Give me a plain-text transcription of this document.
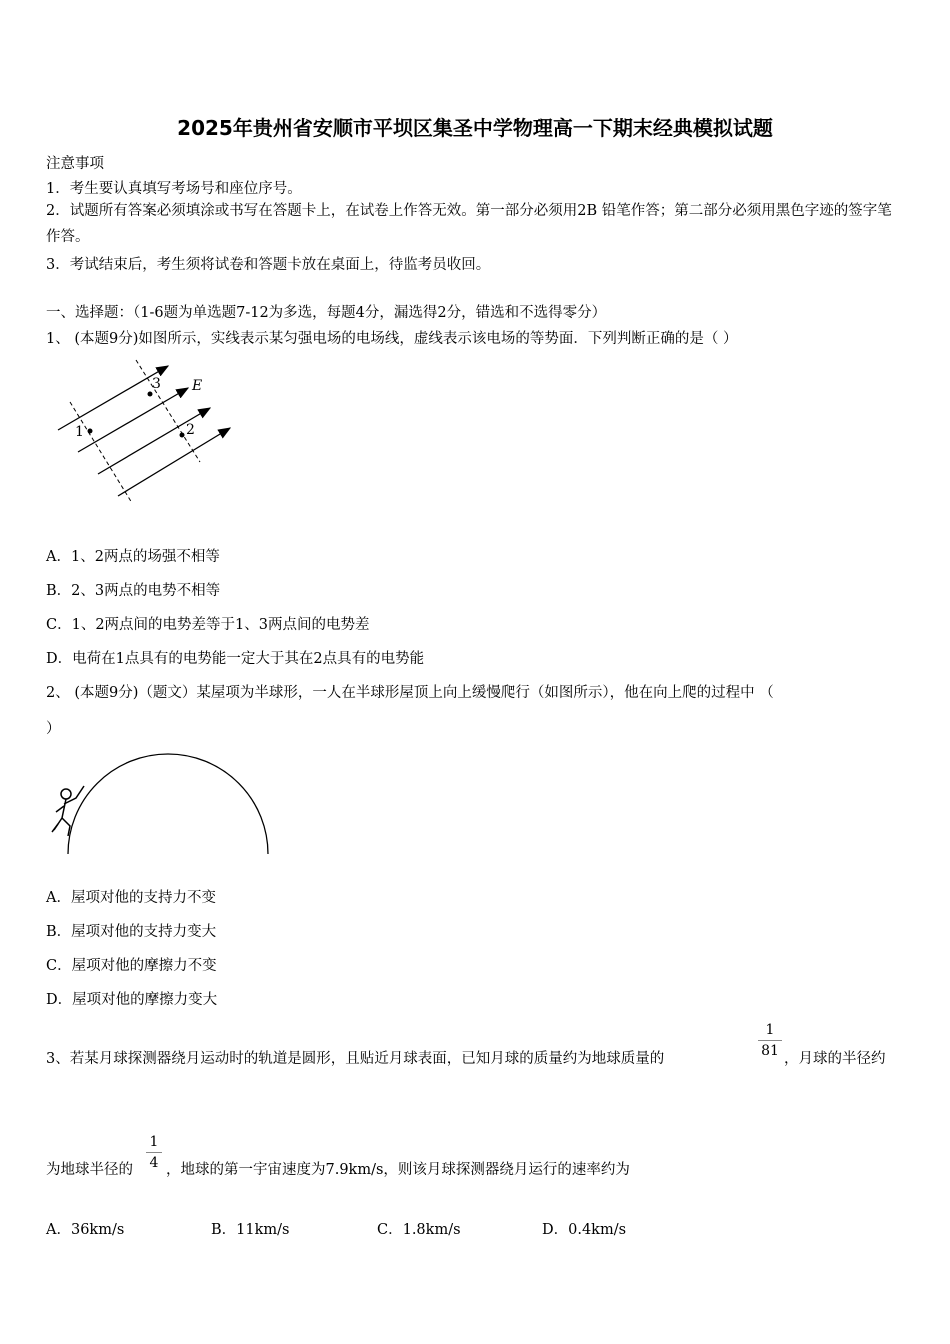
2025年贵州省安顺市平坝区集圣中学物理高一下期末经典模拟试题
注意事项
1．考生要认真填写考场号和座位序号。
2．试题所有答案必须填涂或书写在答题卡上，在试卷上作答无效。第一部分必须用2B 铅笔作答；第二部分必须用黑色字迹的签字笔作答。
3．考试结束后，考生须将试卷和答题卡放在桌面上，待监考员收回。
一、选择题：（1-6题为单选题7-12为多选，每题4分，漏选得2分，错选和不选得零分）
1、 (本题9分)如图所示，实线表示某匀强电场的电场线，虚线表示该电场的等势面．下列判断正确的是（ ）
3 E
1	2
A．1、2两点的场强不相等
B．2、3两点的电势不相等
C．1、2两点间的电势差等于1、3两点间的电势差
D．电荷在1点具有的电势能一定大于其在2点具有的电势能
2、 (本题9分)（题文）某屋项为半球形，一人在半球形屋顶上向上缓慢爬行（如图所示），他在向上爬的过程中 （
）
A．屋项对他的支持力不变
B．屋项对他的支持力变大
C．屋项对他的摩擦力不变
D．屋项对他的摩擦力变大
3、若某月球探测器绕月运动时的轨道是圆形，且贴近月球表面，已知月球的质量约为地球质量的
1
81 ，月球的半径约
为地球半径的
1
4 ，地球的第一宇宙速度为7.9km/s，则该月球探测器绕月运行的速率约为
A．36km/s	B．11km/s	C．1.8km/s	D．0.4km/s
